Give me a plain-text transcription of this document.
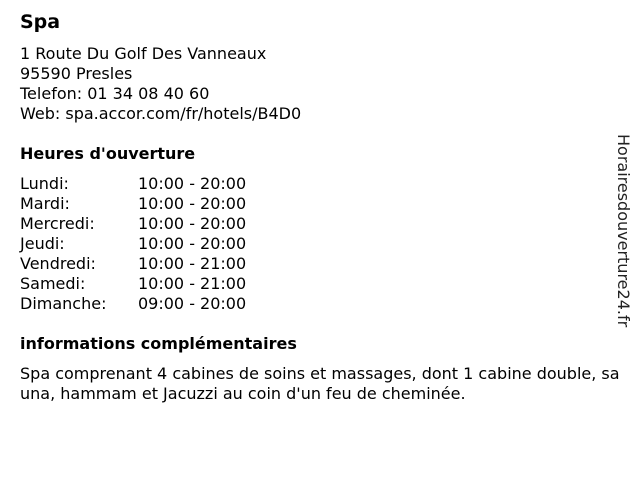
Spa
1 Route Du Golf Des Vanneaux
95590 Presles
Telefon: 01 34 08 40 60
Web: spa.accor.com/fr/hotels/B4D0
Heures d'ouverture
Lundi:	10:00 - 20:00
Mardi:	10:00 - 20:00
Mercredi:	10:00 - 20:00
Jeudi:	10:00 - 20:00
Vendredi:	10:00 - 21:00
Samedi:	10:00 - 21:00
Dimanche:	09:00 - 20:00
informations complémentaires
Spa comprenant 4 cabines de soins et massages, dont 1 cabine double, sauna, hammam et Jacuzzi au coin d'un feu de cheminée.
Horairesdouverture24.fr
